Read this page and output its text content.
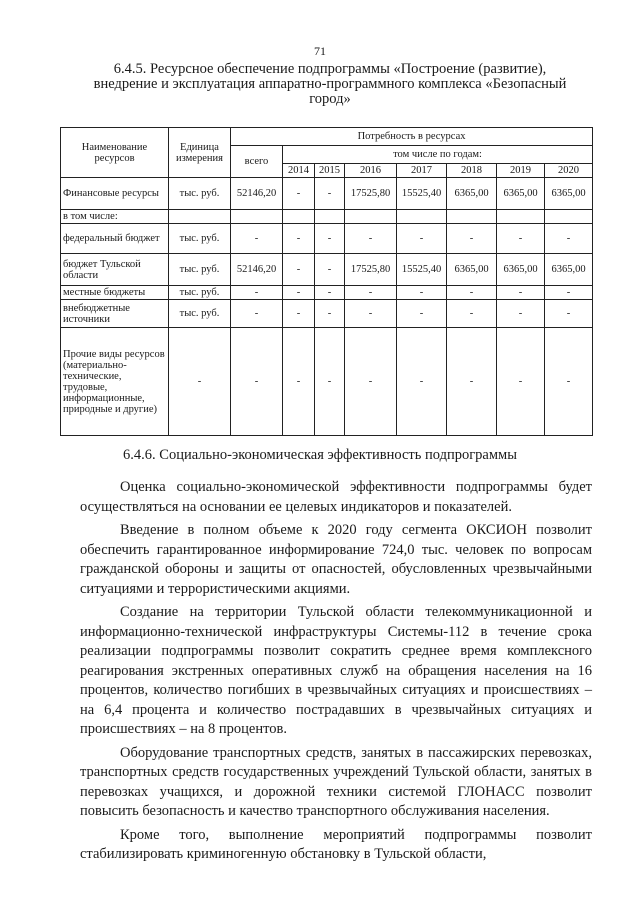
71
6.4.5. Ресурсное обеспечение подпрограммы «Построение (развитие),
внедрение и эксплуатация аппаратно-программного комплекса «Безопасный
город»
Наименование ресурсов	Единица измерения	Потребность в ресурсах							
		всего	том числе по годам:						
			2014	2015	2016	2017	2018	2019	2020
Финансовые ресурсы	тыс. руб.	52146,20	-	-	17525,80	15525,40	6365,00	6365,00	6365,00
в том числе:									
федеральный бюджет	тыс. руб.	-	-	-	-	-	-	-	-
бюджет Тульской области	тыс. руб.	52146,20	-	-	17525,80	15525,40	6365,00	6365,00	6365,00
местные бюджеты	тыс. руб.	-	-	-	-	-	-	-	-
внебюджетные источники	тыс. руб.	-	-	-	-	-	-	-	-
Прочие виды ресурсов (материально-технические, трудовые, информационные, природные и другие)	-	-	-	-	-	-	-	-	-
6.4.6. Социально-экономическая эффективность подпрограммы

Оценка социально-экономической эффективности подпрограммы будет осуществляться на основании ее целевых индикаторов и показателей.

Введение в полном объеме к 2020 году сегмента ОКСИОН позволит обеспечить гарантированное информирование 724,0 тыс. человек по вопросам гражданской обороны и защиты от опасностей, обусловленных чрезвычайными ситуациями и террористическими акциями.

Создание на территории Тульской области телекоммуникационной и информационно-технической инфраструктуры Системы-112 в течение срока реализации подпрограммы позволит сократить среднее время комплексного реагирования экстренных оперативных служб на обращения населения на 16 процентов, количество погибших в чрезвычайных ситуациях и происшествиях – на 6,4 процента и количество пострадавших в чрезвычайных ситуациях и происшествиях – на 8 процентов.

Оборудование транспортных средств, занятых в пассажирских перевозках, транспортных средств государственных учреждений Тульской области, занятых в перевозках учащихся, и дорожной техники системой ГЛОНАСС позволит повысить безопасность и качество транспортного обслуживания населения.

Кроме того, выполнение мероприятий подпрограммы позволит стабилизировать криминогенную обстановку в Тульской области,
